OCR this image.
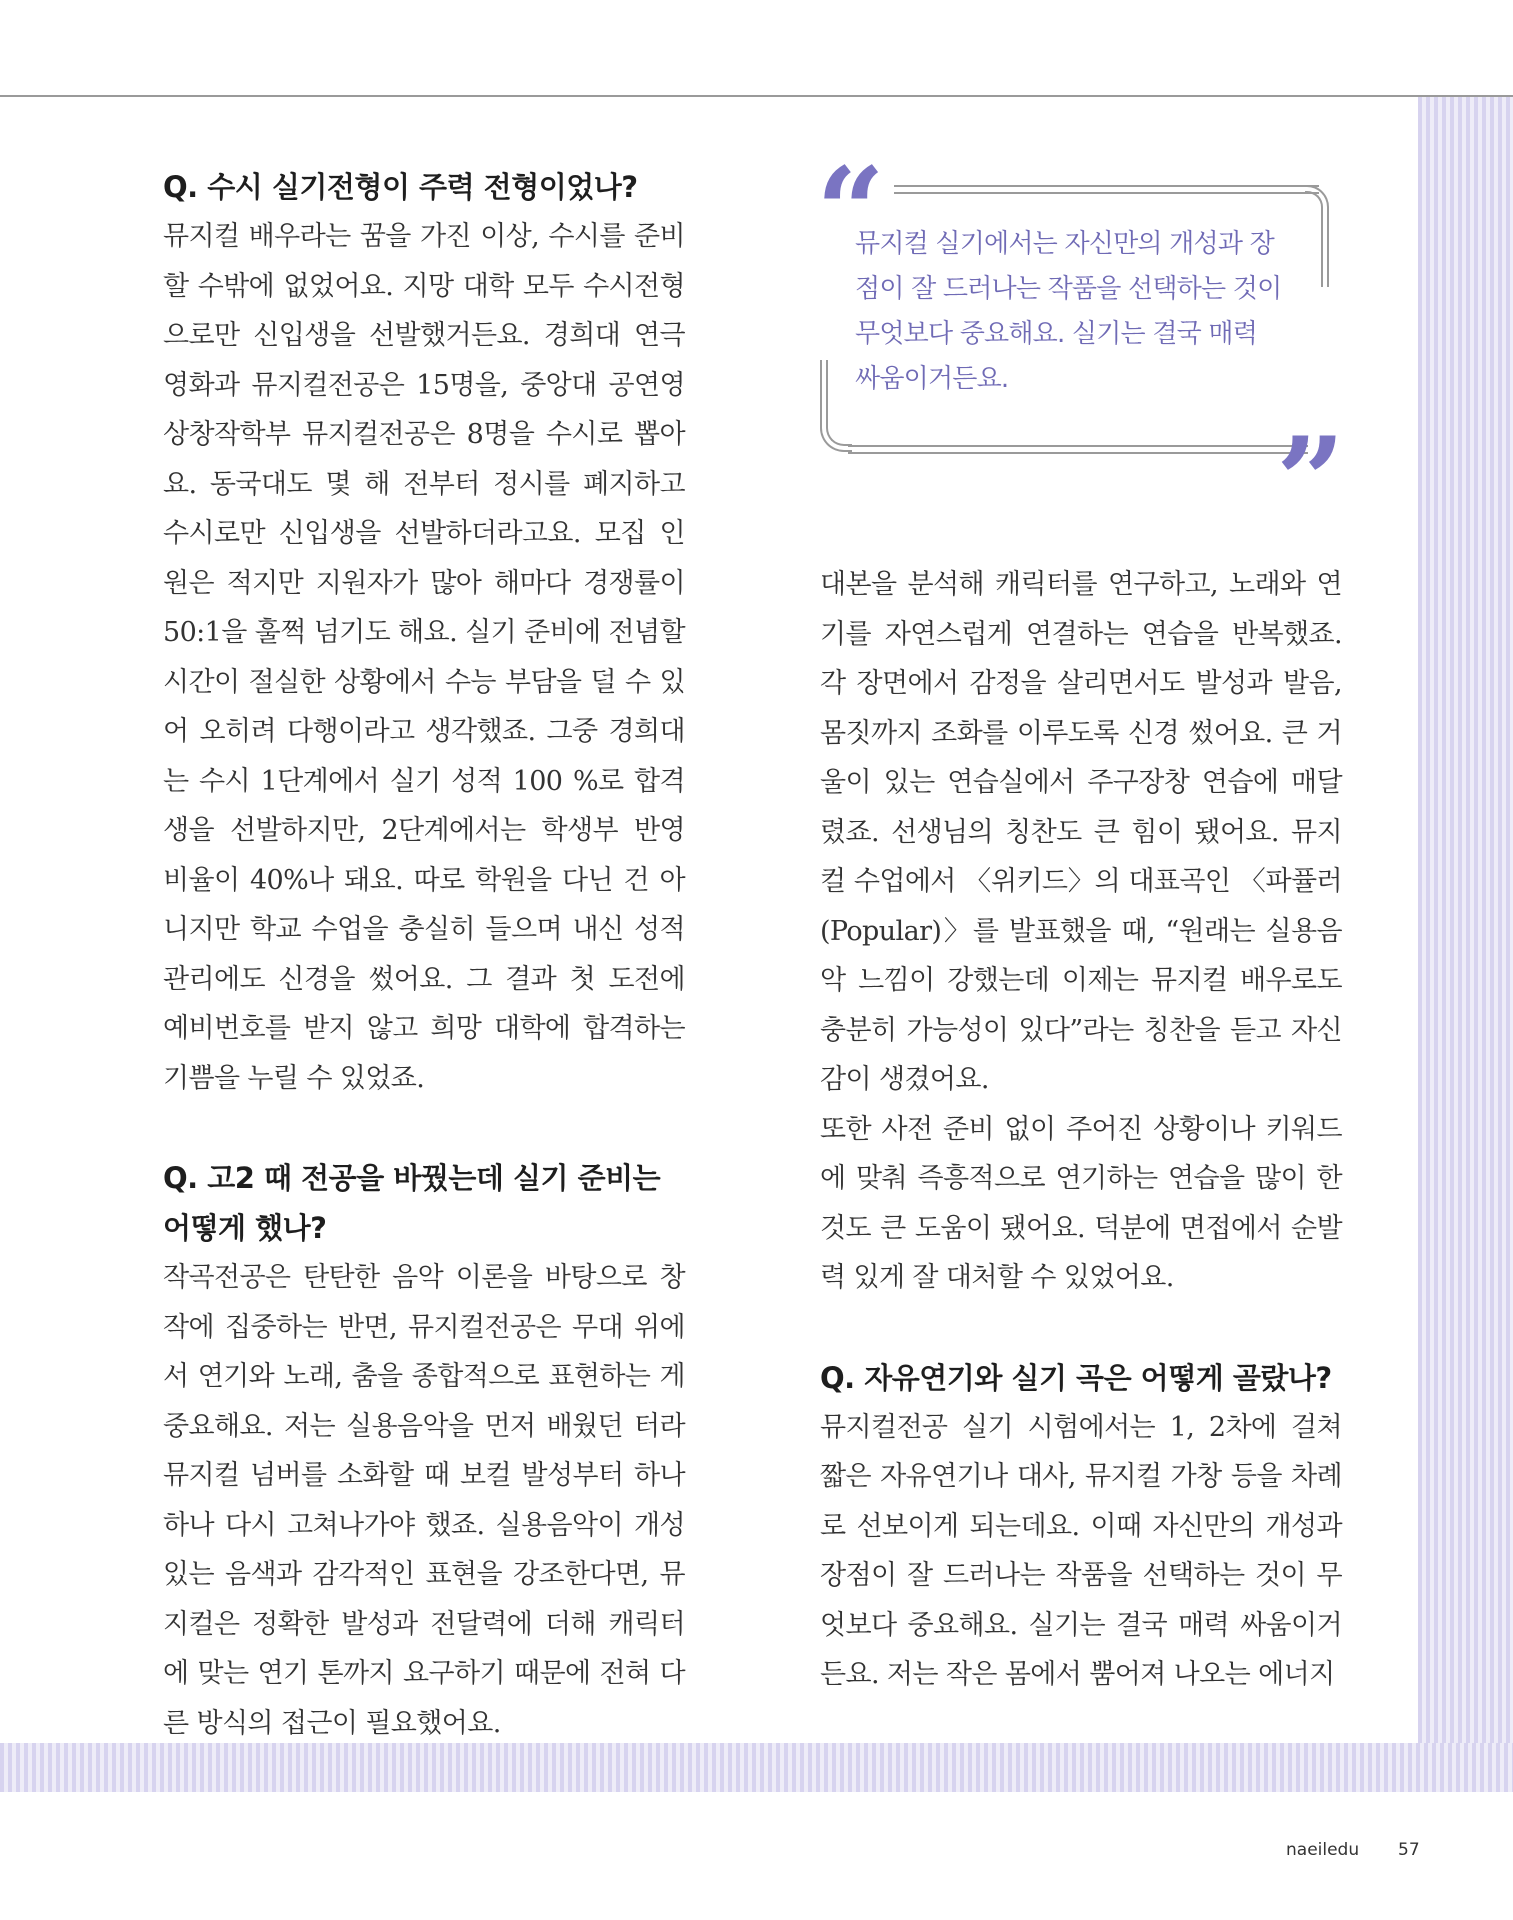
Q. 수시 실기전형이 주력 전형이었나?

뮤지컬 배우라는 꿈을 가진 이상, 수시를 준비할 수밖에 없었어요. 지망 대학 모두 수시전형으로만 신입생을 선발했거든요. 경희대 연극영화과 뮤지컬전공은 15명을, 중앙대 공연영상창작학부 뮤지컬전공은 8명을 수시로 뽑아요. 동국대도 몇 해 전부터 정시를 폐지하고 수시로만 신입생을 선발하더라고요. 모집 인원은 적지만 지원자가 많아 해마다 경쟁률이 50:1을 훌쩍 넘기도 해요. 실기 준비에 전념할 시간이 절실한 상황에서 수능 부담을 덜 수 있어 오히려 다행이라고 생각했죠. 그중 경희대는 수시 1단계에서 실기 성적 100 %로 합격생을 선발하지만, 2단계에서는 학생부 반영 비율이 40%나 돼요. 따로 학원을 다닌 건 아니지만 학교 수업을 충실히 들으며 내신 성적 관리에도 신경을 썼어요. 그 결과 첫 도전에 예비번호를 받지 않고 희망 대학에 합격하는 기쁨을 누릴 수 있었죠.

Q. 고2 때 전공을 바꿨는데 실기 준비는 어떻게 했나?

작곡전공은 탄탄한 음악 이론을 바탕으로 창작에 집중하는 반면, 뮤지컬전공은 무대 위에서 연기와 노래, 춤을 종합적으로 표현하는 게 중요해요. 저는 실용음악을 먼저 배웠던 터라 뮤지컬 넘버를 소화할 때 보컬 발성부터 하나하나 다시 고쳐나가야 했죠. 실용음악이 개성 있는 음색과 감각적인 표현을 강조한다면, 뮤지컬은 정확한 발성과 전달력에 더해 캐릭터에 맞는 연기 톤까지 요구하기 때문에 전혀 다른 방식의 접근이 필요했어요.

“

뮤지컬 실기에서는 자신만의 개성과 장점이 잘 드러나는 작품을 선택하는 것이 무엇보다 중요해요. 실기는 결국 매력 싸움이거든요.

”

대본을 분석해 캐릭터를 연구하고, 노래와 연기를 자연스럽게 연결하는 연습을 반복했죠. 각 장면에서 감정을 살리면서도 발성과 발음, 몸짓까지 조화를 이루도록 신경 썼어요. 큰 거울이 있는 연습실에서 주구장창 연습에 매달렸죠. 선생님의 칭찬도 큰 힘이 됐어요. 뮤지컬 수업에서 〈위키드〉의 대표곡인 〈파퓰러(Popular)〉를 발표했을 때, “원래는 실용음악 느낌이 강했는데 이제는 뮤지컬 배우로도 충분히 가능성이 있다”라는 칭찬을 듣고 자신감이 생겼어요.

또한 사전 준비 없이 주어진 상황이나 키워드에 맞춰 즉흥적으로 연기하는 연습을 많이 한 것도 큰 도움이 됐어요. 덕분에 면접에서 순발력 있게 잘 대처할 수 있었어요.

Q. 자유연기와 실기 곡은 어떻게 골랐나?

뮤지컬전공 실기 시험에서는 1, 2차에 걸쳐 짧은 자유연기나 대사, 뮤지컬 가창 등을 차례로 선보이게 되는데요. 이때 자신만의 개성과 장점이 잘 드러나는 작품을 선택하는 것이 무엇보다 중요해요. 실기는 결국 매력 싸움이거든요. 저는 작은 몸에서 뿜어져 나오는 에너지

naeiledu 57
